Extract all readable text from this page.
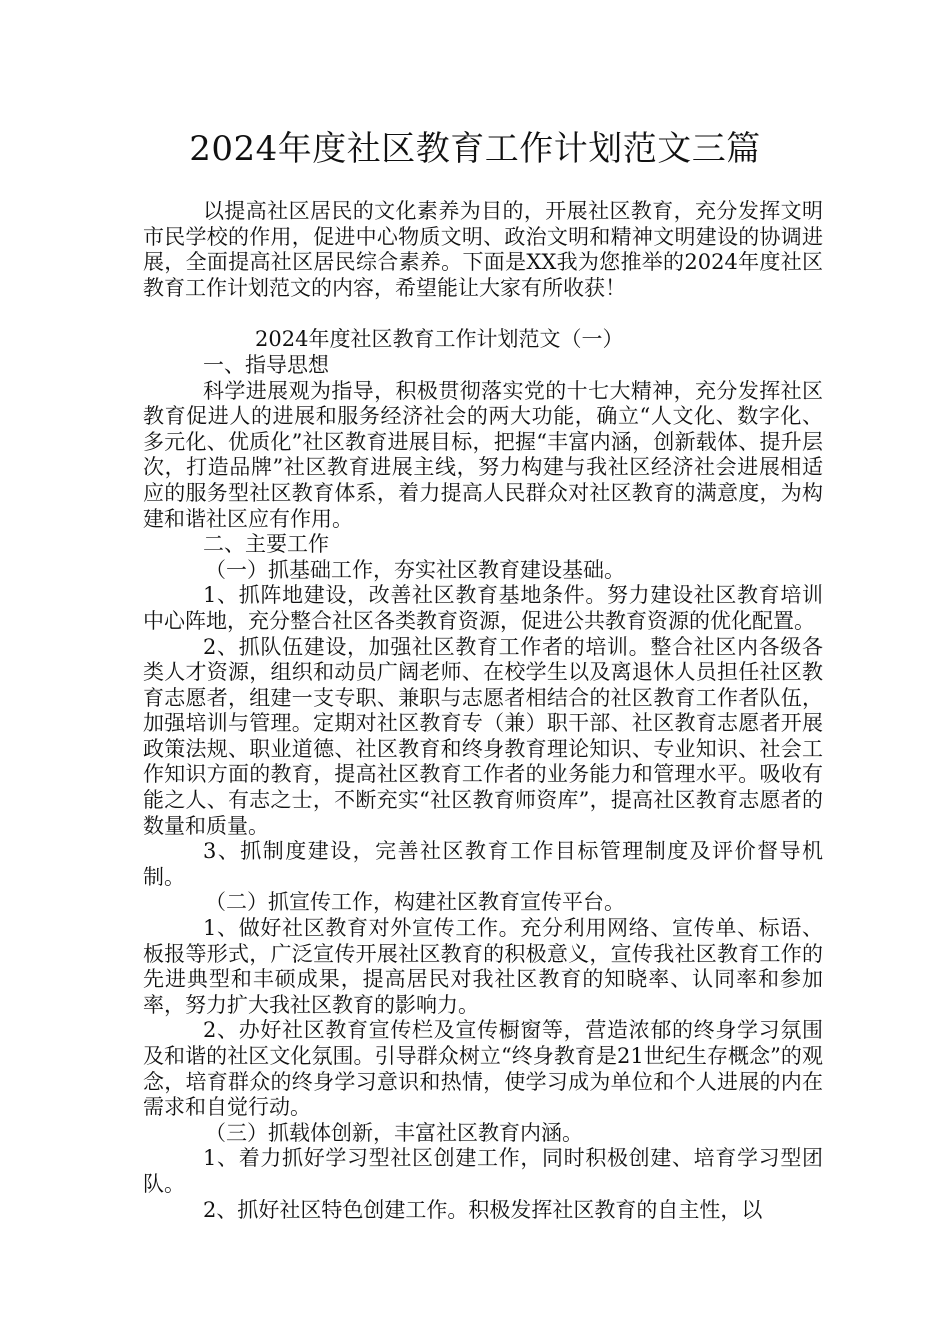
2024年度社区教育工作计划范文三篇

以提高社区居民的文化素养为目的，开展社区教育，充分发挥文明市民学校的作用，促进中心物质文明、政治文明和精神文明建设的协调进展，全面提高社区居民综合素养。下面是XX我为您推举的2024年度社区教育工作计划范文的内容，希望能让大家有所收获！

2024年度社区教育工作计划范文（一）

一、指导思想

科学进展观为指导，积极贯彻落实党的十七大精神，充分发挥社区教育促进人的进展和服务经济社会的两大功能，确立“人文化、数字化、多元化、优质化”社区教育进展目标，把握“丰富内涵，创新载体、提升层次，打造品牌”社区教育进展主线，努力构建与我社区经济社会进展相适应的服务型社区教育体系，着力提高人民群众对社区教育的满意度，为构建和谐社区应有作用。

二、主要工作

（一）抓基础工作，夯实社区教育建设基础。

1、抓阵地建设，改善社区教育基地条件。努力建设社区教育培训中心阵地，充分整合社区各类教育资源，促进公共教育资源的优化配置。

2、抓队伍建设，加强社区教育工作者的培训。整合社区内各级各类人才资源，组织和动员广阔老师、在校学生以及离退休人员担任社区教育志愿者，组建一支专职、兼职与志愿者相结合的社区教育工作者队伍，加强培训与管理。定期对社区教育专（兼）职干部、社区教育志愿者开展政策法规、职业道德、社区教育和终身教育理论知识、专业知识、社会工作知识方面的教育，提高社区教育工作者的业务能力和管理水平。吸收有能之人、有志之士，不断充实“社区教育师资库”，提高社区教育志愿者的数量和质量。

3、抓制度建设，完善社区教育工作目标管理制度及评价督导机制。

（二）抓宣传工作，构建社区教育宣传平台。

1、做好社区教育对外宣传工作。充分利用网络、宣传单、标语、板报等形式，广泛宣传开展社区教育的积极意义，宣传我社区教育工作的先进典型和丰硕成果，提高居民对我社区教育的知晓率、认同率和参加率，努力扩大我社区教育的影响力。

2、办好社区教育宣传栏及宣传橱窗等，营造浓郁的终身学习氛围及和谐的社区文化氛围。引导群众树立“终身教育是21世纪生存概念”的观念，培育群众的终身学习意识和热情，使学习成为单位和个人进展的内在需求和自觉行动。

（三）抓载体创新，丰富社区教育内涵。

1、着力抓好学习型社区创建工作，同时积极创建、培育学习型团队。

2、抓好社区特色创建工作。积极发挥社区教育的自主性，以
